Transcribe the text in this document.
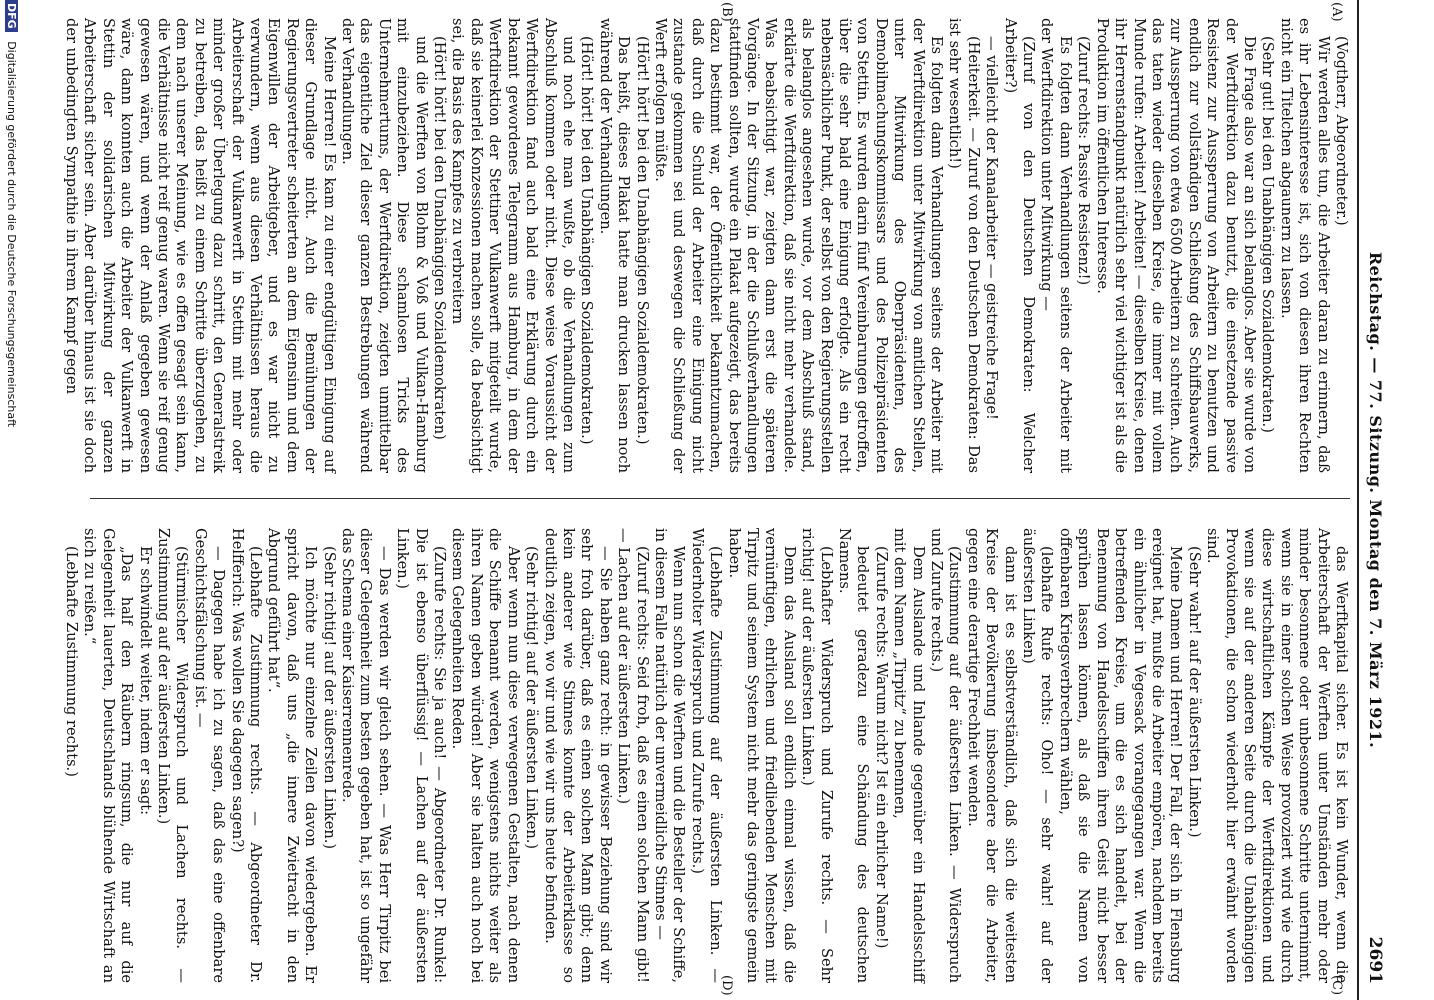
Reichstag. — 77. Sitzung. Montag den 7. März 1921.
2691
(A)
(B)
(C)
(D)

(Vogtherr, Abgeordneter.)

Wir werden alles tun, die Arbeiter daran zu erinnern, daß es ihr Lebensinteresse ist, sich von diesen ihren Rechten nicht ein Titelchen abgaunern zu lassen.

(Sehr gut! bei den Unabhängigen Sozialdemokraten.)

Die Frage also war an sich belanglos. Aber sie wurde von der Werftdirektion dazu benutzt, die einsetzende passive Resistenz zur Aussperrung von Arbeitern zu benutzen und endlich zur vollständigen Schließung des Schiffsbauwerks, zur Aussperrung von etwa 6500 Arbeitern zu schreiten. Auch das taten wieder dieselben Kreise, die immer mit vollem Munde rufen: Arbeiten! Arbeiten! — dieselben Kreise, denen ihr Herrenstandpunkt natürlich sehr viel wichtiger ist als die Produktion im öffentlichen Interesse.

(Zuruf rechts: Passive Resistenz!)

Es folgten dann Verhandlungen seitens der Arbeiter mit der Werftdirektion unter Mitwirkung —

(Zuruf von den Deutschen Demokraten: Welcher Arbeiter?)

— vielleicht der Kanalarbeiter — geistreiche Frage!

(Heiterkeit. — Zuruf von den Deutschen Demokraten: Das ist sehr wesentlich!)

Es folgten dann Verhandlungen seitens der Arbeiter mit der Werftdirektion unter Mitwirkung von amtlichen Stellen, unter Mitwirkung des Oberpräsidenten, des Demobilmachungskommissars und des Polizeipräsidenten von Stettin. Es wurden darin fünf Vereinbarungen getroffen, über die sehr bald eine Einigung erfolgte. Als ein recht nebensächlicher Punkt, der selbst von den Regierungsstellen als belanglos angesehen wurde, vor dem Abschluß stand, erklärte die Werftdirektion, daß sie nicht mehr verhandele. Was beabsichtigt war, zeigten dann erst die späteren Vorgänge. In der Sitzung, in der die Schlußverhandlungen stattfinden sollten, wurde ein Plakat aufgezeigt, das bereits dazu bestimmt war, der Öffentlichkeit bekanntzumachen, daß durch die Schuld der Arbeiter eine Einigung nicht zustande gekommen sei und deswegen die Schließung der Werft erfolgen müßte.

(Hört! hört! bei den Unabhängigen Sozialdemokraten.)

Das heißt, dieses Plakat hatte man drucken lassen noch während der Verhandlungen.

(Hört! hört! bei den Unabhängigen Sozialdemokraten.)

und noch ehe man wußte, ob die Verhandlungen zum Abschluß kommen oder nicht. Diese weise Voraussicht der Werftdirektion fand auch bald eine Erklärung durch ein bekannt gewordenes Telegramm aus Hamburg, in dem der Werftdirektion der Stettiner Vulkanwerft mitgeteilt wurde, daß sie keinerlei Konzessionen machen solle, da beabsichtigt sei, die Basis des Kampfes zu verbreitern

(Hört! hört! bei den Unabhängigen Sozialdemokraten)

und die Werften von Blohm & Voß und Vulkan-Hamburg mit einzubeziehen. Diese schamlosen Tricks des Unternehmertums, der Werftdirektion, zeigten unmittelbar das eigentliche Ziel dieser ganzen Bestrebungen während der Verhandlungen.

Meine Herren! Es kam zu einer endgültigen Einigung auf dieser Grundlage nicht. Auch die Bemühungen der Regierungsvertreter scheiterten an dem Eigensinn und dem Eigenwillen der Arbeitgeber, und es war nicht zu verwundern, wenn aus diesen Verhältnissen heraus die Arbeiterschaft der Vulkanwerft in Stettin mit mehr oder minder großer Überlegung dazu schritt, den Generalstreik zu betreiben, das heißt zu einem Schritte überzugehen, zu dem nach unserer Meinung, wie es offen gesagt sein kann, die Verhältnisse nicht reif genug waren. Wenn sie reif genug gewesen wären, und wenn der Anlaß gegeben gewesen wäre, dann konnten auch die Arbeiter der Vulkanwerft in Stettin der solidarischen Mitwirkung der ganzen Arbeiterschaft sicher sein. Aber darüber hinaus ist sie doch der unbedingten Sympathie in ihrem Kampf gegen

das Werftkapital sicher. Es ist kein Wunder, wenn die Arbeiterschaft der Werften unter Umständen mehr oder minder besonnene oder unbesonnene Schritte unternimmt, wenn sie in einer solchen Weise provoziert wird wie durch diese wirtschaftlichen Kämpfe der Werftdirektionen und wenn sie auf der anderen Seite durch die Unabhängigen Provokationen, die schon wiederholt hier erwähnt worden sind.

(Sehr wahr! auf der äußersten Linken.)

Meine Damen und Herren! Der Fall, der sich in Flensburg ereignet hat, mußte die Arbeiter empören, nachdem bereits ein ähnlicher in Vegesack vorangegangen war. Wenn die betreffenden Kreise, um die es sich handelt, bei der Benennung von Handelsschiffen ihren Geist nicht besser sprühen lassen können, als daß sie die Namen von offenbaren Kriegsverbrechern wählen,

(lebhafte Rufe rechts: Oho! — sehr wahr! auf der äußersten Linken)

dann ist es selbstverständlich, daß sich die weitesten Kreise der Bevölkerung insbesondere aber die Arbeiter, gegen eine derartige Frechheit wenden.

(Zustimmung auf der äußersten Linken. — Widerspruch und Zurufe rechts.)

Dem Auslande und Inlande gegenüber ein Handelsschiff mit dem Namen „Tirpitz“ zu benennen,

(Zurufe rechts: Warum nicht? Ist ein ehrlicher Name!)

bedeutet geradezu eine Schändung des deutschen Namens.

(Lebhafter Widerspruch und Zurufe rechts. — Sehr richtig! auf der äußersten Linken.)

Denn das Ausland soll endlich einmal wissen, daß die vernünftigen, ehrlichen und friedliebenden Menschen mit Tirpitz und seinem System nicht mehr das geringste gemein haben.

(Lebhafte Zustimmung auf der äußersten Linken. — Wiederholter Widerspruch und Zurufe rechts.)

Wenn nun schon die Werften und die Besteller der Schiffe, in diesem Falle natürlich der unvermeidliche Stinnes —

(Zuruf rechts: Seid froh, daß es einen solchen Mann gibt! — Lachen auf der äußersten Linken.)

— Sie haben ganz recht: in gewisser Beziehung sind wir sehr froh darüber, daß es einen solchen Mann gibt; denn kein anderer wie Stinnes konnte der Arbeiterklasse so deutlich zeigen, wo wir und wie wir uns heute befinden.

(Sehr richtig! auf der äußersten Linken.)

Aber wenn nun diese verwegenen Gestalten, nach denen die Schiffe benannt werden, wenigstens nichts weiter als ihren Namen geben würden! Aber sie halten auch noch bei diesem Gelegenheiten Reden.

(Zurufe rechts: Sie ja auch! — Abgeordneter Dr. Runkel: Die ist ebenso überflüssig! — Lachen auf der äußersten Linken.)

— Das werden wir gleich sehen. — Was Herr Tirpitz bei dieser Gelegenheit zum besten gegeben hat, ist so ungefähr das Schema einer Kaiserrennenrede.

(Sehr richtig! auf der äußersten Linken.)

Ich möchte nur einzelne Zeilen davon wiedergeben. Er spricht davon, daß uns „die innere Zwietracht in den Abgrund geführt hat“.

(Lebhafte Zustimmung rechts. — Abgeordneter Dr. Helfferich: Was wollen Sie dagegen sagen?)

— Dagegen habe ich zu sagen, daß das eine offenbare Geschichtsfälschung ist. —

(Stürmischer Widerspruch und Lachen rechts. — Zustimmung auf der äußersten Linken.)

Er schwindelt weiter, indem er sagt:

„Das half den Räubern ringsum, die nur auf die Gelegenheit lauerten, Deutschlands blühende Wirtschaft an sich zu reißen.“

(Lebhafte Zustimmung rechts.)

DFG Digitalisierung gefördert durch die Deutsche Forschungsgemeinschaft
